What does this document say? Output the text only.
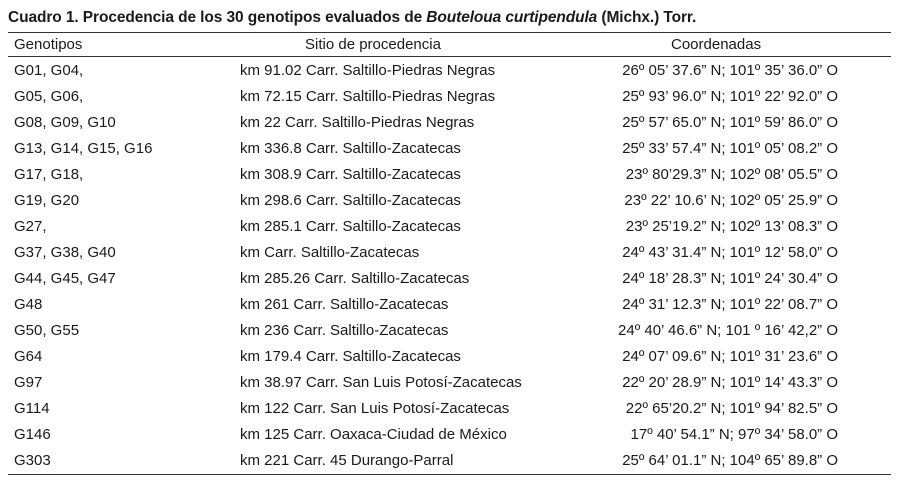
Cuadro 1. Procedencia de los 30 genotipos evaluados de Bouteloua curtipendula (Michx.) Torr.
Genotipos	Sitio de procedencia	Coordenadas
G01, G04,	km 91.02 Carr. Saltillo-Piedras Negras	26º 05’ 37.6” N; 101º 35’ 36.0” O
G05, G06,	km 72.15 Carr. Saltillo-Piedras Negras	25º 93’ 96.0” N; 101º 22’ 92.0” O
G08, G09, G10	km 22 Carr. Saltillo-Piedras Negras	25º 57’ 65.0” N; 101º 59’ 86.0” O
G13, G14, G15, G16	km 336.8 Carr. Saltillo-Zacatecas	25º 33’ 57.4” N; 101º 05’ 08.2” O
G17, G18,	km 308.9 Carr. Saltillo-Zacatecas	23º 80’29.3” N; 102º 08’ 05.5” O
G19, G20	km 298.6 Carr. Saltillo-Zacatecas	23º 22’ 10.6’ N; 102º 05’ 25.9” O
G27,	km 285.1 Carr. Saltillo-Zacatecas	23º 25’19.2” N; 102º 13’ 08.3” O
G37, G38, G40	km Carr. Saltillo-Zacatecas	24º 43’ 31.4” N; 101º 12’ 58.0” O
G44, G45, G47	km 285.26 Carr. Saltillo-Zacatecas	24º 18’ 28.3” N; 101º 24’ 30.4” O
G48	km 261 Carr. Saltillo-Zacatecas	24º 31’ 12.3” N; 101º 22’ 08.7” O
G50, G55	km 236 Carr. Saltillo-Zacatecas	24º 40’ 46.6” N; 101 º 16’ 42,2” O
G64	km 179.4 Carr. Saltillo-Zacatecas	24º 07’ 09.6” N; 101º 31’ 23.6” O
G97	km 38.97 Carr. San Luis Potosí-Zacatecas	22º 20’ 28.9” N; 101º 14’ 43.3” O
G114	km 122 Carr. San Luis Potosí-Zacatecas	22º 65’20.2” N; 101º 94’ 82.5” O
G146	km 125 Carr. Oaxaca-Ciudad de México	17º 40’ 54.1” N; 97º 34’ 58.0” O
G303	km 221 Carr. 45 Durango-Parral	25º 64’ 01.1” N; 104º 65’ 89.8” O
